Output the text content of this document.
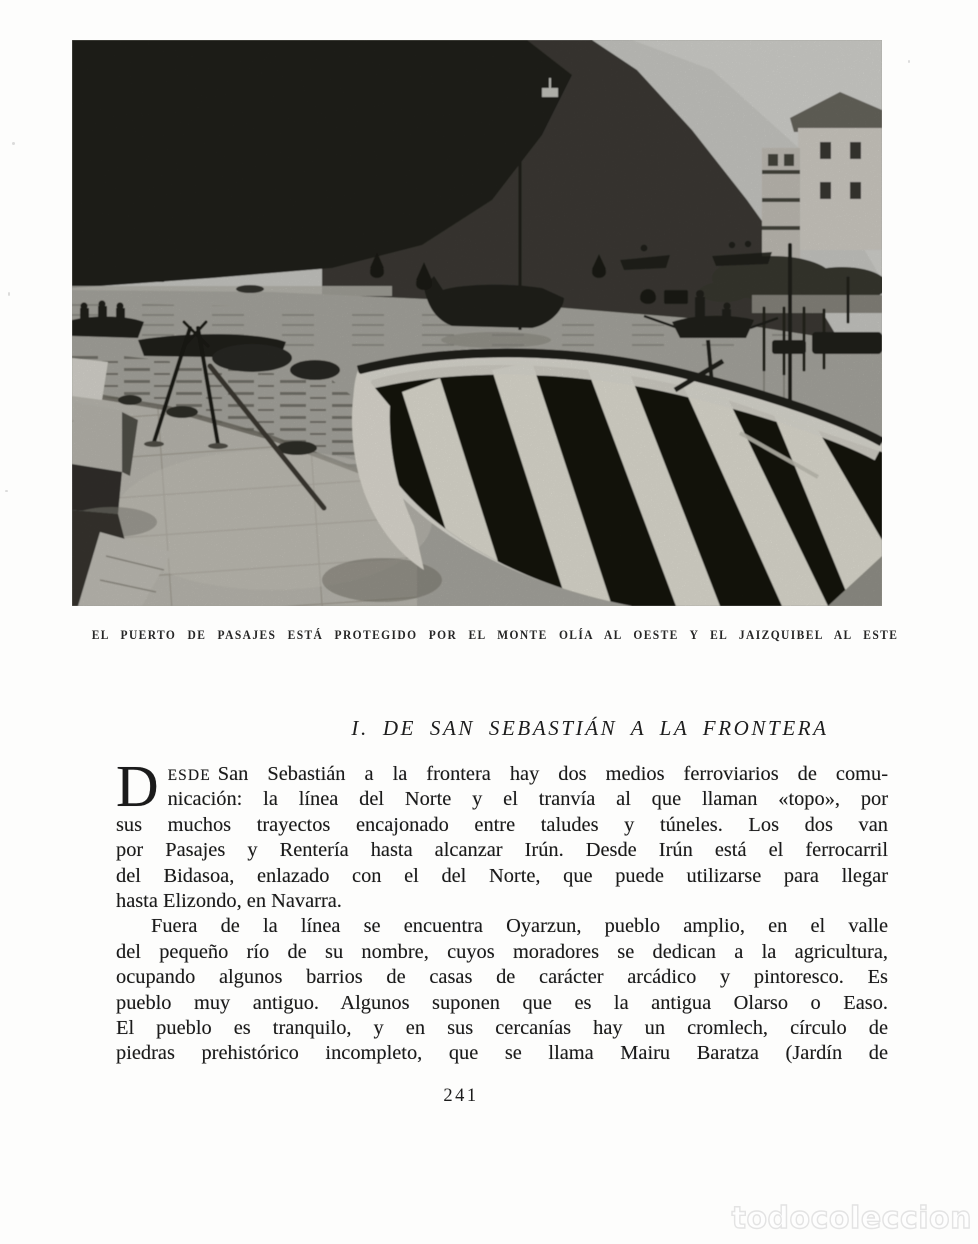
EL PUERTO DE PASAJES ESTÁ PROTEGIDO POR EL MONTE OLÍA AL OESTE Y EL JAIZQUIBEL AL ESTE
I. DE SAN SEBASTIÁN A LA FRONTERA
D ESDE San Sebastián a la frontera hay dos medios ferroviarios de comu-
nicación: la línea del Norte y el tranvía al que llaman «topo», por
sus muchos trayectos encajonado entre taludes y túneles. Los dos van
por Pasajes y Rentería hasta alcanzar Irún. Desde Irún está el ferrocarril
del Bidasoa, enlazado con el del Norte, que puede utilizarse para llegar
hasta Elizondo, en Navarra.
Fuera de la línea se encuentra Oyarzun, pueblo amplio, en el valle
del pequeño río de su nombre, cuyos moradores se dedican a la agricultura,
ocupando algunos barrios de casas de carácter arcádico y pintoresco. Es
pueblo muy antiguo. Algunos suponen que es la antigua Olarso o Easo.
El pueblo es tranquilo, y en sus cercanías hay un cromlech, círculo de
piedras prehistórico incompleto, que se llama Mairu Baratza (Jardín de
241
todocoleccion
